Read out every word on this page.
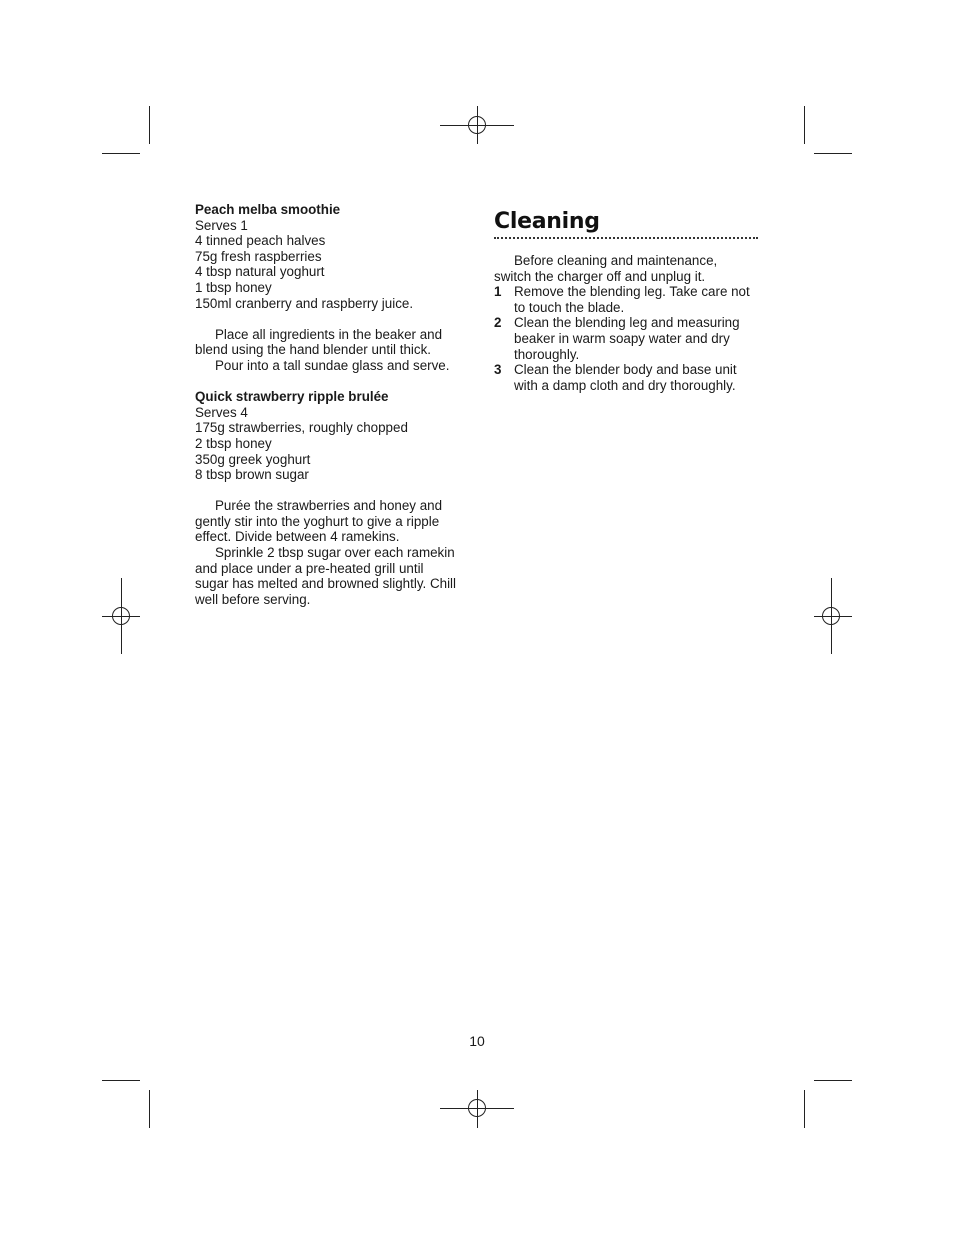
Peach melba smoothie
Serves 1
4 tinned peach halves
75g fresh raspberries
4 tbsp natural yoghurt
1 tbsp honey
150ml cranberry and raspberry juice.
Place all ingredients in the beaker and
blend using the hand blender until thick.
Pour into a tall sundae glass and serve.
Quick strawberry ripple brulée
Serves 4
175g strawberries, roughly chopped
2 tbsp honey
350g greek yoghurt
8 tbsp brown sugar
Purée the strawberries and honey and
gently stir into the yoghurt to give a ripple
effect. Divide between 4 ramekins.
Sprinkle 2 tbsp sugar over each ramekin
and place under a pre-heated grill until
sugar has melted and browned slightly. Chill
well before serving.
Cleaning
Before cleaning and maintenance,
switch the charger off and unplug it.
1 Remove the blending leg. Take care not
to touch the blade.
2 Clean the blending leg and measuring
beaker in warm soapy water and dry
thoroughly.
3 Clean the blender body and base unit
with a damp cloth and dry thoroughly.
10
